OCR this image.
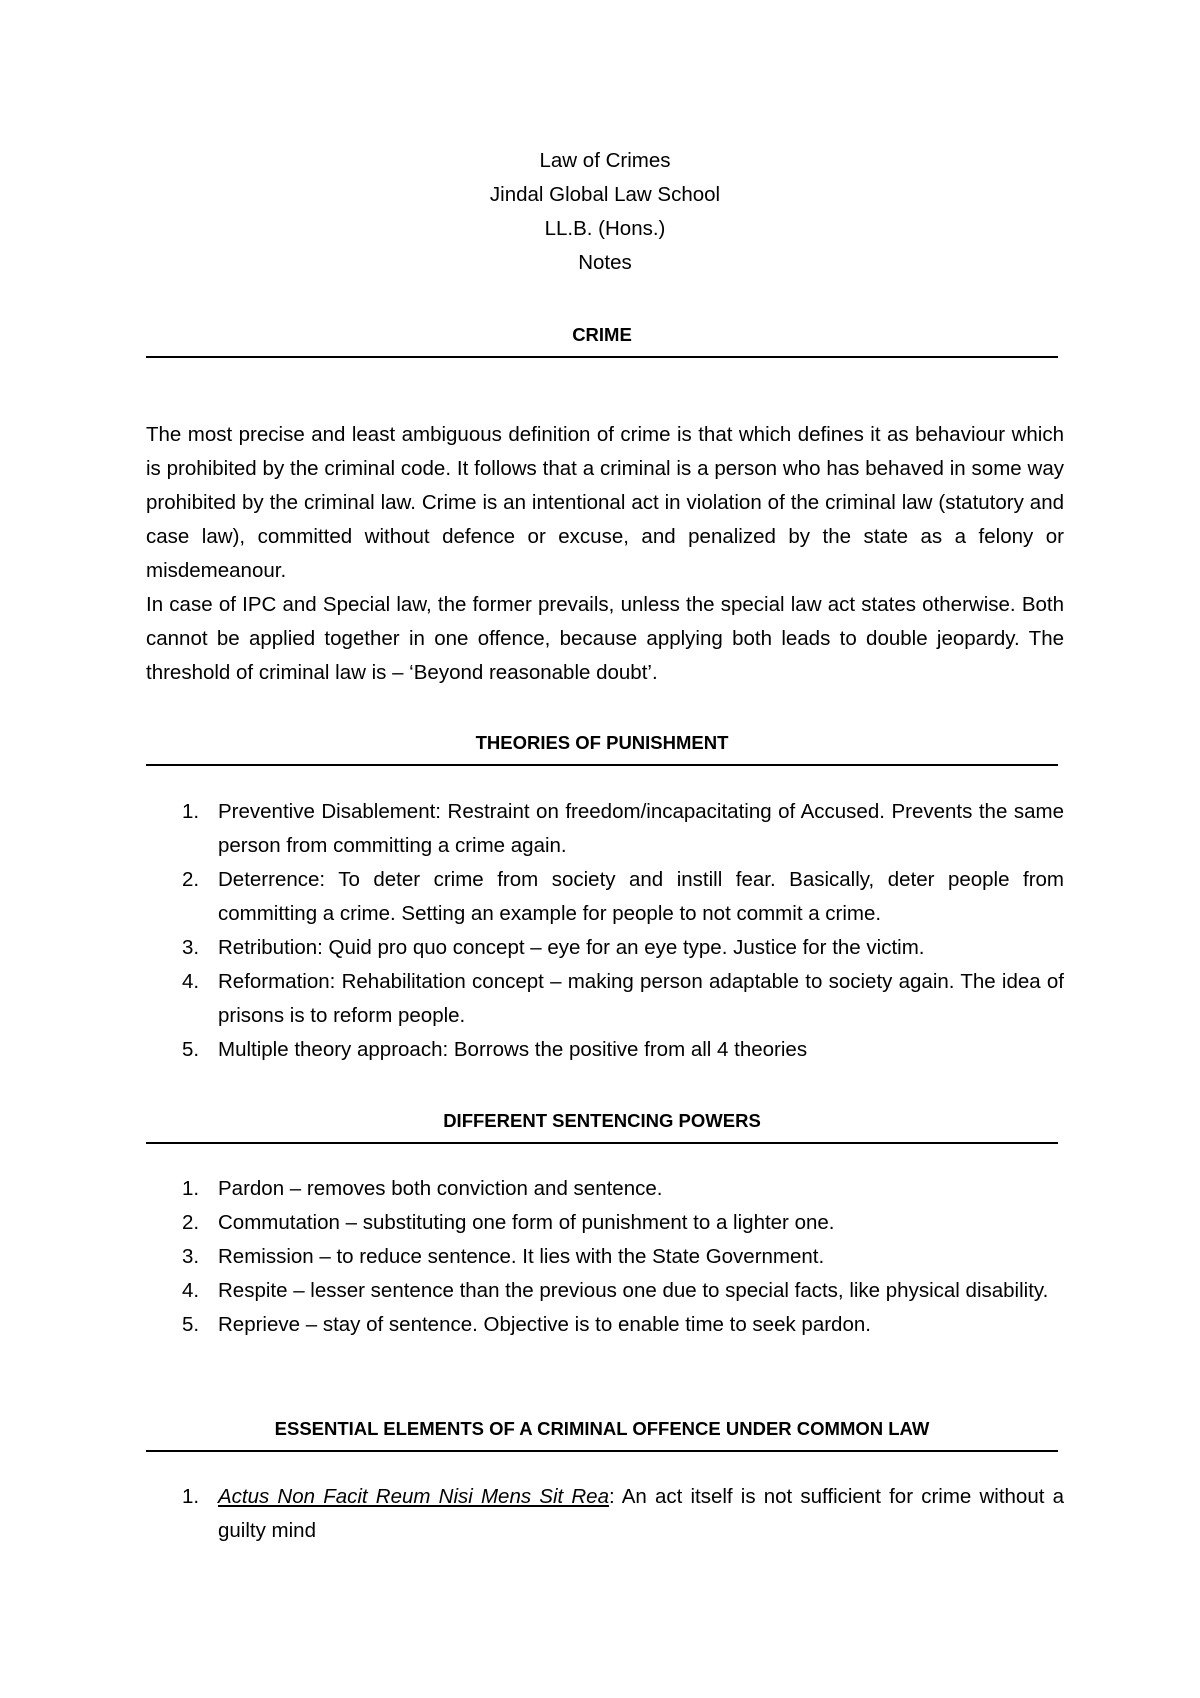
Law of Crimes
Jindal Global Law School
LL.B. (Hons.)
Notes
CRIME

The most precise and least ambiguous definition of crime is that which defines it as behaviour which is prohibited by the criminal code. It follows that a criminal is a person who has behaved in some way prohibited by the criminal law. Crime is an intentional act in violation of the criminal law (statutory and case law), committed without defence or excuse, and penalized by the state as a felony or misdemeanour.

In case of IPC and Special law, the former prevails, unless the special law act states otherwise. Both cannot be applied together in one offence, because applying both leads to double jeopardy. The threshold of criminal law is – ‘Beyond reasonable doubt’.

THEORIES OF PUNISHMENT
1. Preventive Disablement: Restraint on freedom/incapacitating of Accused. Prevents the same person from committing a crime again.
2. Deterrence: To deter crime from society and instill fear. Basically, deter people from committing a crime. Setting an example for people to not commit a crime.
3. Retribution: Quid pro quo concept – eye for an eye type. Justice for the victim.
4. Reformation: Rehabilitation concept – making person adaptable to society again. The idea of prisons is to reform people.
5. Multiple theory approach: Borrows the positive from all 4 theories
DIFFERENT SENTENCING POWERS
1. Pardon – removes both conviction and sentence.
2. Commutation – substituting one form of punishment to a lighter one.
3. Remission – to reduce sentence. It lies with the State Government.
4. Respite – lesser sentence than the previous one due to special facts, like physical disability.
5. Reprieve – stay of sentence. Objective is to enable time to seek pardon.
ESSENTIAL ELEMENTS OF A CRIMINAL OFFENCE UNDER COMMON LAW
1. Actus Non Facit Reum Nisi Mens Sit Rea: An act itself is not sufficient for crime without a guilty mind
